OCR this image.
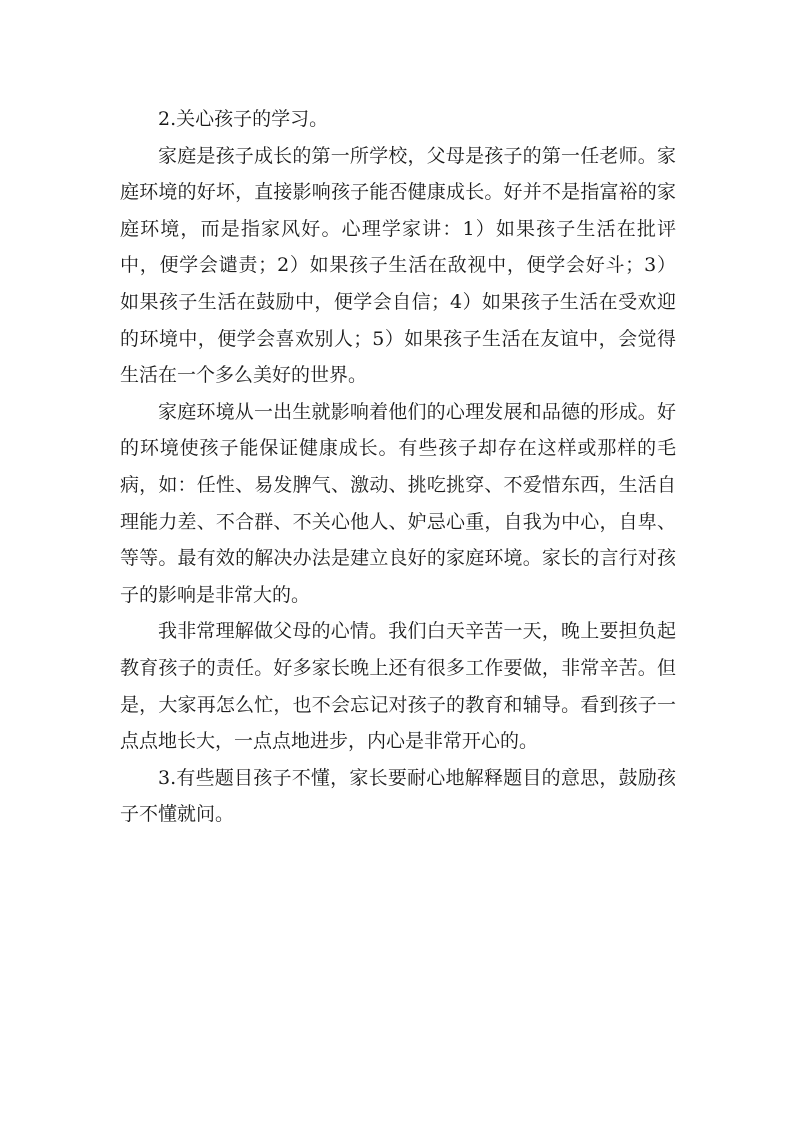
2.关心孩子的学习。

家庭是孩子成长的第一所学校，父母是孩子的第一任老师。家庭环境的好坏，直接影响孩子能否健康成长。好并不是指富裕的家庭环境，而是指家风好。心理学家讲：1）如果孩子生活在批评中，便学会谴责；2）如果孩子生活在敌视中，便学会好斗；3）如果孩子生活在鼓励中，便学会自信；4）如果孩子生活在受欢迎的环境中，便学会喜欢别人；5）如果孩子生活在友谊中，会觉得生活在一个多么美好的世界。

家庭环境从一出生就影响着他们的心理发展和品德的形成。好的环境使孩子能保证健康成长。有些孩子却存在这样或那样的毛病，如：任性、易发脾气、激动、挑吃挑穿、不爱惜东西，生活自理能力差、不合群、不关心他人、妒忌心重，自我为中心，自卑、等等。最有效的解决办法是建立良好的家庭环境。家长的言行对孩子的影响是非常大的。

我非常理解做父母的心情。我们白天辛苦一天，晚上要担负起教育孩子的责任。好多家长晚上还有很多工作要做，非常辛苦。但是，大家再怎么忙，也不会忘记对孩子的教育和辅导。看到孩子一点点地长大，一点点地进步，内心是非常开心的。

3.有些题目孩子不懂，家长要耐心地解释题目的意思，鼓励孩子不懂就问。
